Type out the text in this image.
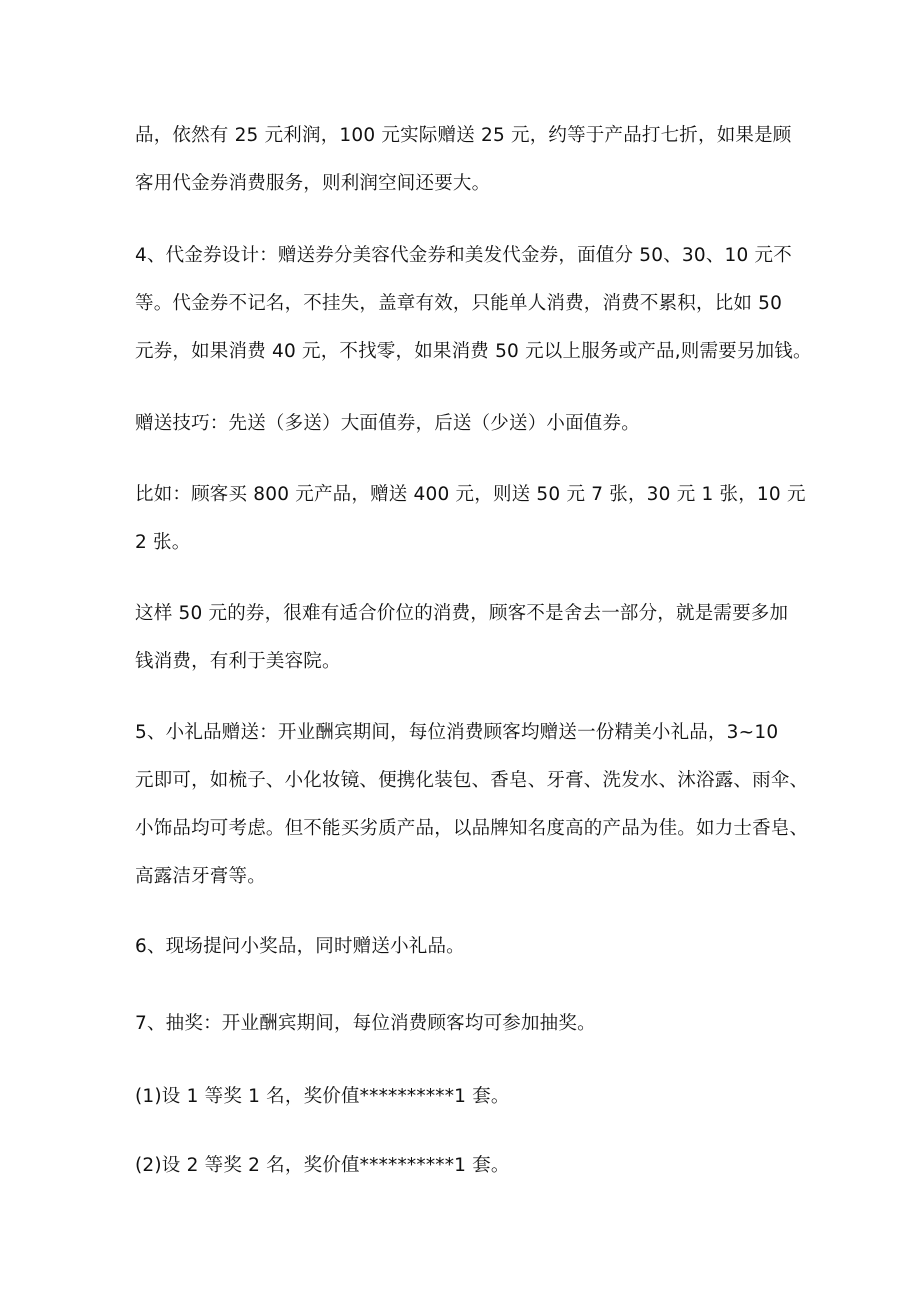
品，依然有 25 元利润，100 元实际赠送 25 元，约等于产品打七折，如果是顾
客用代金券消费服务，则利润空间还要大。
4、代金券设计：赠送券分美容代金券和美发代金券，面值分 50、30、10 元不
等。代金券不记名，不挂失，盖章有效，只能单人消费，消费不累积，比如 50
元券，如果消费 40 元，不找零，如果消费 50 元以上服务或产品,则需要另加钱。
赠送技巧：先送（多送）大面值券，后送（少送）小面值券。
比如：顾客买 800 元产品，赠送 400 元，则送 50 元 7 张，30 元 1 张，10 元
2 张。
这样 50 元的券，很难有适合价位的消费，顾客不是舍去一部分，就是需要多加
钱消费，有利于美容院。
5、小礼品赠送：开业酬宾期间，每位消费顾客均赠送一份精美小礼品，3~10
元即可，如梳子、小化妆镜、便携化装包、香皂、牙膏、洗发水、沐浴露、雨伞、
小饰品均可考虑。但不能买劣质产品，以品牌知名度高的产品为佳。如力士香皂、
高露洁牙膏等。
6、现场提问小奖品，同时赠送小礼品。
7、抽奖：开业酬宾期间，每位消费顾客均可参加抽奖。
(1)设 1 等奖 1 名，奖价值**********1 套。
(2)设 2 等奖 2 名，奖价值**********1 套。
